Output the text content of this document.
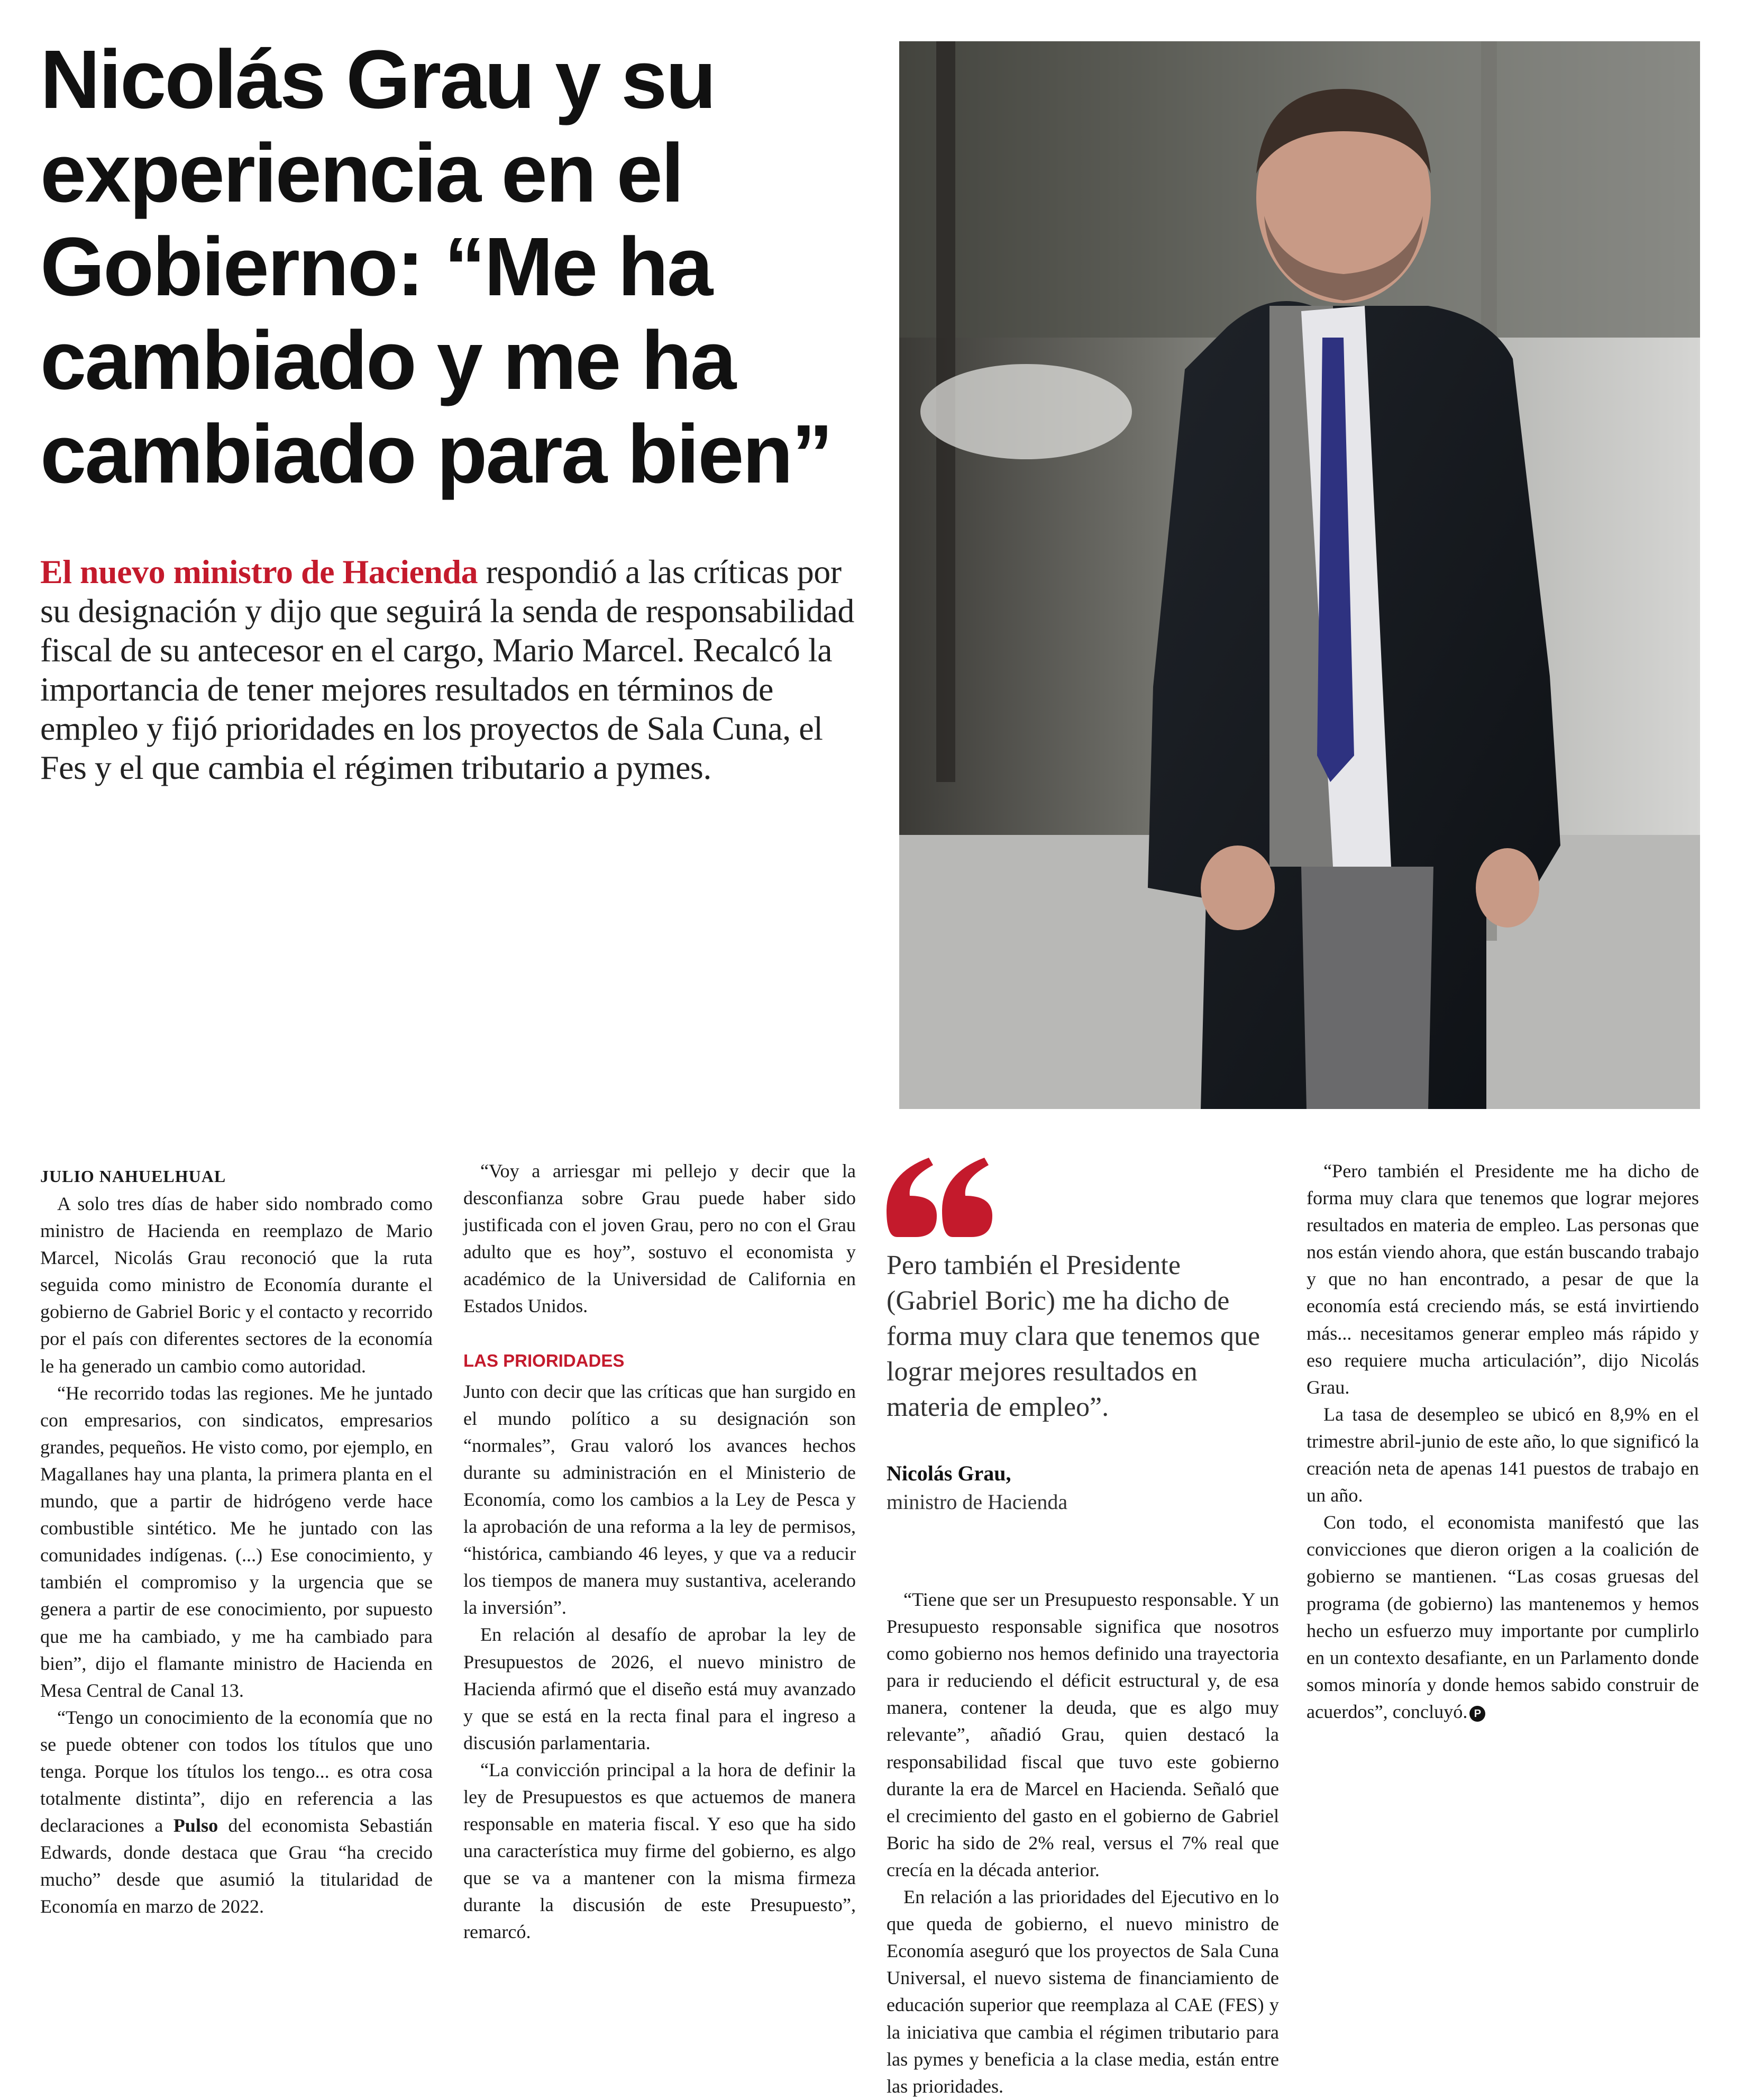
Nicolás Grau y su experiencia en el Gobierno: “Me ha cambiado y me ha cambiado para bien”

El nuevo ministro de Hacienda respondió a las críticas por su designación y dijo que seguirá la senda de responsabilidad fiscal de su antecesor en el cargo, Mario Marcel. Recalcó la importancia de tener mejores resultados en términos de empleo y fijó prioridades en los proyectos de Sala Cuna, el Fes y el que cambia el régimen tributario a pymes.

JULIO NAHUELHUAL

A solo tres días de haber sido nombrado como ministro de Hacienda en reemplazo de Mario Marcel, Nicolás Grau reconoció que la ruta seguida como ministro de Economía durante el gobierno de Gabriel Boric y el contacto y recorrido por el país con diferentes sectores de la economía le ha generado un cambio como autoridad.

“He recorrido todas las regiones. Me he juntado con empresarios, con sindicatos, empresarios grandes, pequeños. He visto como, por ejemplo, en Magallanes hay una planta, la primera planta en el mundo, que a partir de hidrógeno verde hace combustible sintético. Me he juntado con las comunidades indígenas. (...) Ese conocimiento, y también el compromiso y la urgencia que se genera a partir de ese conocimiento, por supuesto que me ha cambiado, y me ha cambiado para bien”, dijo el flamante ministro de Hacienda en Mesa Central de Canal 13.

“Tengo un conocimiento de la economía que no se puede obtener con todos los títulos que uno tenga. Porque los títulos los tengo... es otra cosa totalmente distinta”, dijo en referencia a las declaraciones a Pulso del economista Sebastián Edwards, donde destaca que Grau “ha crecido mucho” desde que asumió la titularidad de Economía en marzo de 2022.

“Voy a arriesgar mi pellejo y decir que la desconfianza sobre Grau puede haber sido justificada con el joven Grau, pero no con el Grau adulto que es hoy”, sostuvo el economista y académico de la Universidad de California en Estados Unidos.

LAS PRIORIDADES

Junto con decir que las críticas que han surgido en el mundo político a su designación son “normales”, Grau valoró los avances hechos durante su administración en el Ministerio de Economía, como los cambios a la Ley de Pesca y la aprobación de una reforma a la ley de permisos, “histórica, cambiando 46 leyes, y que va a reducir los tiempos de manera muy sustantiva, acelerando la inversión”.

En relación al desafío de aprobar la ley de Presupuestos de 2026, el nuevo ministro de Hacienda afirmó que el diseño está muy avanzado y que se está en la recta final para el ingreso a discusión parlamentaria.

“La convicción principal a la hora de definir la ley de Presupuestos es que actuemos de manera responsable en materia fiscal. Y eso que ha sido una característica muy firme del gobierno, es algo que se va a mantener con la misma firmeza durante la discusión de este Presupuesto”, remarcó.

Pero también el Presidente (Gabriel Boric) me ha dicho de forma muy clara que tenemos que lograr mejores resultados en materia de empleo”.

Nicolás Grau,
ministro de Hacienda

“Tiene que ser un Presupuesto responsable. Y un Presupuesto responsable significa que nosotros como gobierno nos hemos definido una trayectoria para ir reduciendo el déficit estructural y, de esa manera, contener la deuda, que es algo muy relevante”, añadió Grau, quien destacó la responsabilidad fiscal que tuvo este gobierno durante la era de Marcel en Hacienda. Señaló que el crecimiento del gasto en el gobierno de Gabriel Boric ha sido de 2% real, versus el 7% real que crecía en la década anterior.

En relación a las prioridades del Ejecutivo en lo que queda de gobierno, el nuevo ministro de Economía aseguró que los proyectos de Sala Cuna Universal, el nuevo sistema de financiamiento de educación superior que reemplaza al CAE (FES) y la iniciativa que cambia el régimen tributario para las pymes y beneficia a la clase media, están entre las prioridades.

“Pero también el Presidente me ha dicho de forma muy clara que tenemos que lograr mejores resultados en materia de empleo. Las personas que nos están viendo ahora, que están buscando trabajo y que no han encontrado, a pesar de que la economía está creciendo más, se está invirtiendo más... necesitamos generar empleo más rápido y eso requiere mucha articulación”, dijo Nicolás Grau.

La tasa de desempleo se ubicó en 8,9% en el trimestre abril-junio de este año, lo que significó la creación neta de apenas 141 puestos de trabajo en un año.

Con todo, el economista manifestó que las convicciones que dieron origen a la coalición de gobierno se mantienen. “Las cosas gruesas del programa (de gobierno) las mantenemos y hemos hecho un esfuerzo muy importante por cumplirlo en un contexto desafiante, en un Parlamento donde somos minoría y donde hemos sabido construir de acuerdos”, concluyó. P
